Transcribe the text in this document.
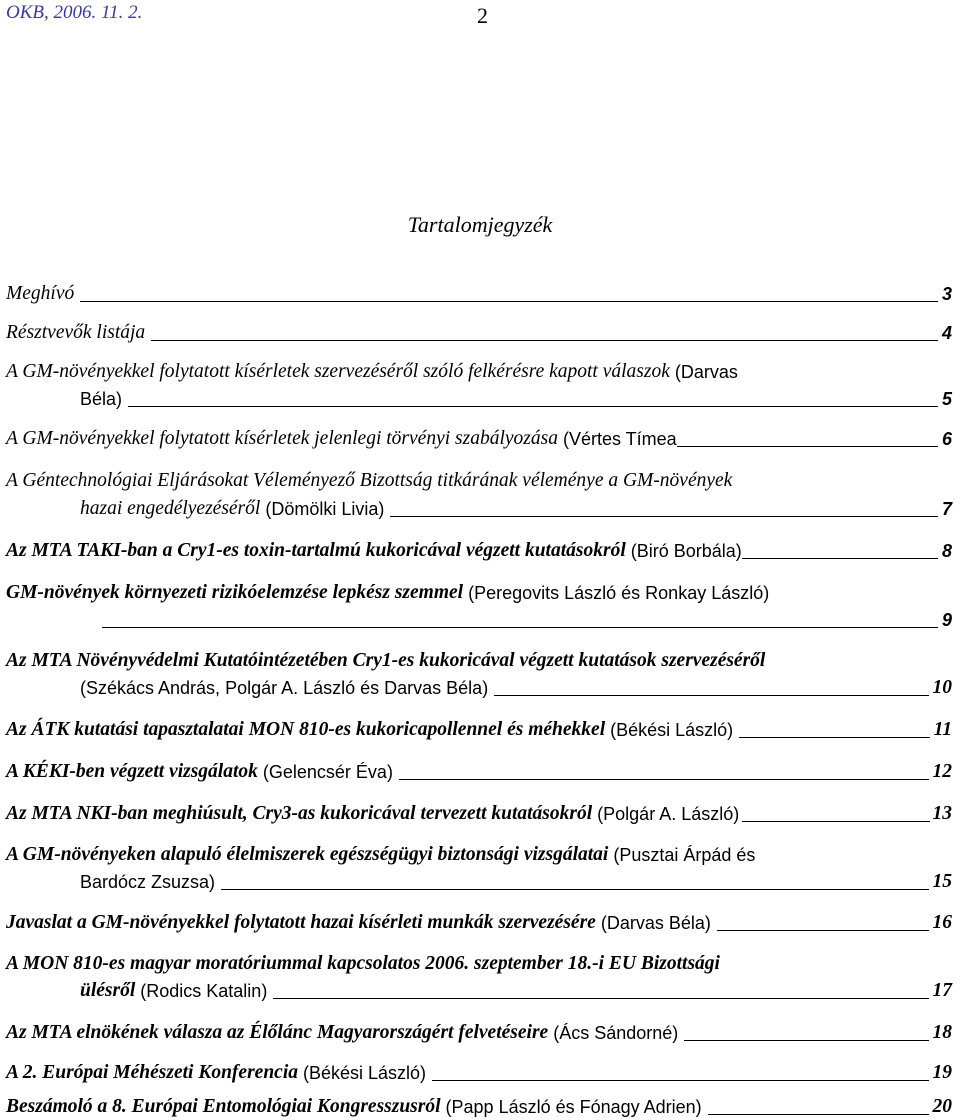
OKB, 2006. 11. 2.	2
Tartalomjegyzék
Meghívó	3
Résztvevők listája	4
A GM-növényekkel folytatott kísérletek szervezéséről szóló felkérésre kapott válaszok (Darvas
Béla)	5
A GM-növényekkel folytatott kísérletek jelenlegi törvényi szabályozása (Vértes Tímea	6
A Géntechnológiai Eljárásokat Véleményező Bizottság titkárának véleménye a GM-növények
hazai engedélyezéséről (Dömölki Livia)	7
Az MTA TAKI-ban a Cry1-es toxin-tartalmú kukoricával végzett kutatásokról (Biró Borbála)	8
GM-növények környezeti rizikóelemzése lepkész szemmel (Peregovits László és Ronkay László)
9
Az MTA Növényvédelmi Kutatóintézetében Cry1-es kukoricával végzett kutatások szervezéséről
(Székács András, Polgár A. László és Darvas Béla)	10
Az ÁTK kutatási tapasztalatai MON 810-es kukoricapollennel és méhekkel (Békési László)	11
A KÉKI-ben végzett vizsgálatok (Gelencsér Éva)	12
Az MTA NKI-ban meghiúsult, Cry3-as kukoricával tervezett kutatásokról (Polgár A. László)	13
A GM-növényeken alapuló élelmiszerek egészségügyi biztonsági vizsgálatai (Pusztai Árpád és
Bardócz Zsuzsa)	15
Javaslat a GM-növényekkel folytatott hazai kísérleti munkák szervezésére (Darvas Béla)	16
A MON 810-es magyar moratóriummal kapcsolatos 2006. szeptember 18.-i EU Bizottsági
ülésről (Rodics Katalin)	17
Az MTA elnökének válasza az Élőlánc Magyarországért felvetéseire (Ács Sándorné)	18
A 2. Európai Méhészeti Konferencia (Békési László)	19
Beszámoló a 8. Európai Entomológiai Kongresszusról (Papp László és Fónagy Adrien)	20
